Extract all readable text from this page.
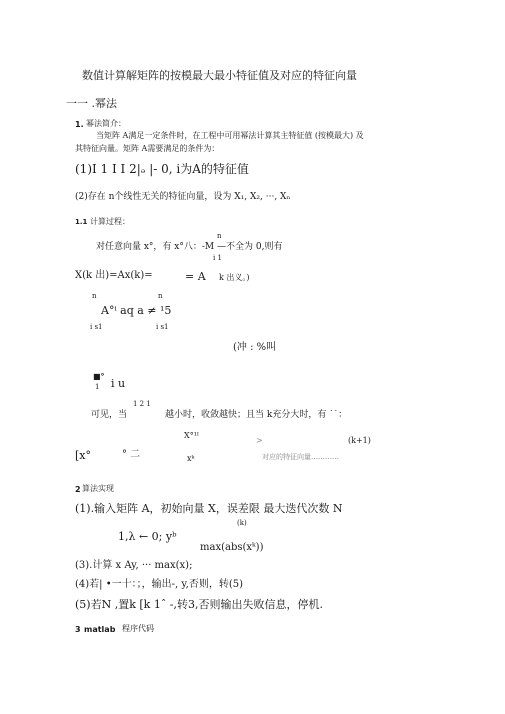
数值计算解矩阵的按模最大最小特征值及对应的特征向量
一一 .幂法
1. 幂法简介：
当矩阵 A满足一定条件时，在工程中可用幂法计算其主特征值 (按模最大) 及
其特征向量。矩阵 A需要满足的条件为：
(1)I 1 I I 2|ₔ |- 0, i为A的特征值
(2)存在 n个线性无关的特征向量，设为 X₁, X₂, ···, Xₙ
1.1 计算过程：
n
对任意向量 x°，有 x°八：-M —不全为 0,则有
i 1
X(k 出)=Ax(k)=	= A k 出义。)
n	n
A°ⁱ aq a ≠ ¹5
i s1	i s1
(冲 : %叫
■°
1 i u
可见，当
1 2 1
越小时，收敛越快；且当 k充分大时，有 ˙˙：
X°¹ᴵ
>	(k+1)
[x°	° 二	xᵏ	对应的特征向量…………
2 算法实现
(1).输入矩阵 A，初始向量 X，误差限 最大迭代次数 N
(k)
1,λ ← 0; yᵇ
max(abs(xᵏ))
(3).计算 x Ay, ··· max(x);
(4)若| •一十：；，输出-, y,否则，转(5)
(5)若N ,置k [k 1ˆ -,转3,否则输出失败信息，停机.
3 matlab 程序代码
